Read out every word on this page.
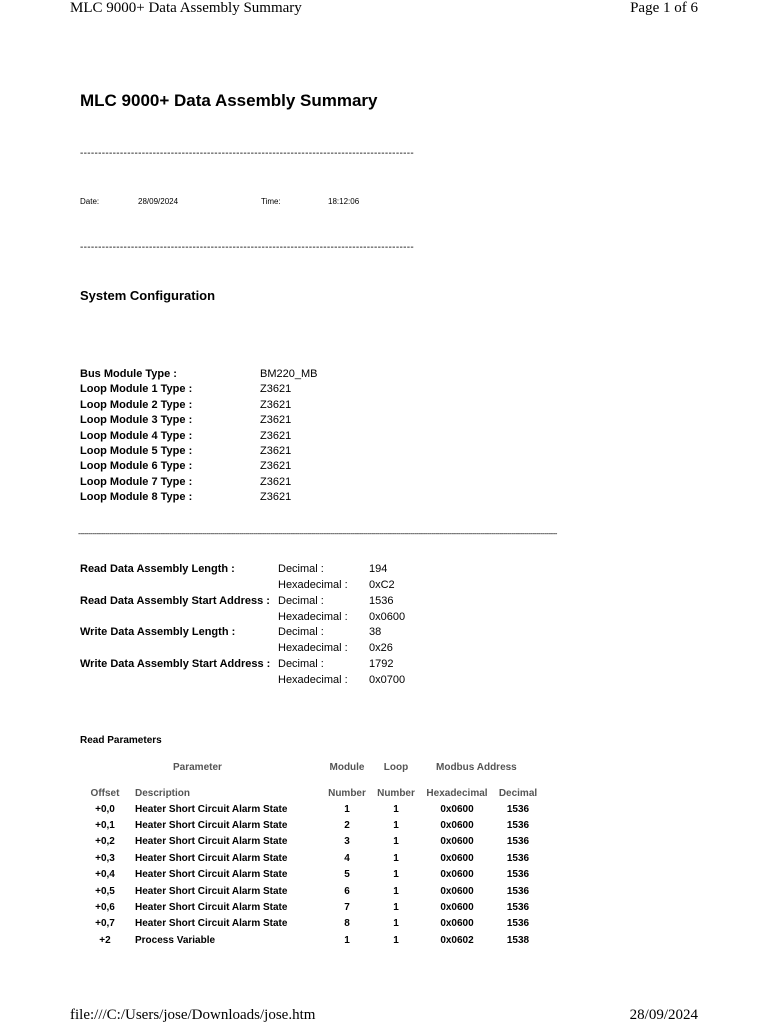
MLC 9000+ Data Assembly Summary	Page 1 of 6
MLC 9000+ Data Assembly Summary
--------------------------------------------------------------------------------------------
Date:	28/09/2024	Time:	18:12:06
--------------------------------------------------------------------------------------------
System Configuration
Bus Module Type :	BM220_MB
Loop Module 1 Type :	Z3621
Loop Module 2 Type :	Z3621
Loop Module 3 Type :	Z3621
Loop Module 4 Type :	Z3621
Loop Module 5 Type :	Z3621
Loop Module 6 Type :	Z3621
Loop Module 7 Type :	Z3621
Loop Module 8 Type :	Z3621
----------------------------------------------------------------------------------------------------------------------------------------------------------------------------------------------------------------------------------------
Read Data Assembly Length :	Decimal :	194
Hexadecimal : 0xC2
Read Data Assembly Start Address : Decimal :	1536
Hexadecimal : 0x0600
Write Data Assembly Length :	Decimal :	38
Hexadecimal : 0x26
Write Data Assembly Start Address : Decimal :	1792
Hexadecimal : 0x0700
Read Parameters
Parameter	Module	Loop	Modbus Address
Offset	Description	Number	Number	Hexadecimal	Decimal
+0,0	Heater Short Circuit Alarm State	1	1	0x0600	1536
+0,1	Heater Short Circuit Alarm State	2	1	0x0600	1536
+0,2	Heater Short Circuit Alarm State	3	1	0x0600	1536
+0,3	Heater Short Circuit Alarm State	4	1	0x0600	1536
+0,4	Heater Short Circuit Alarm State	5	1	0x0600	1536
+0,5	Heater Short Circuit Alarm State	6	1	0x0600	1536
+0,6	Heater Short Circuit Alarm State	7	1	0x0600	1536
+0,7	Heater Short Circuit Alarm State	8	1	0x0600	1536
+2	Process Variable	1	1	0x0602	1538
file:///C:/Users/jose/Downloads/jose.htm	28/09/2024
